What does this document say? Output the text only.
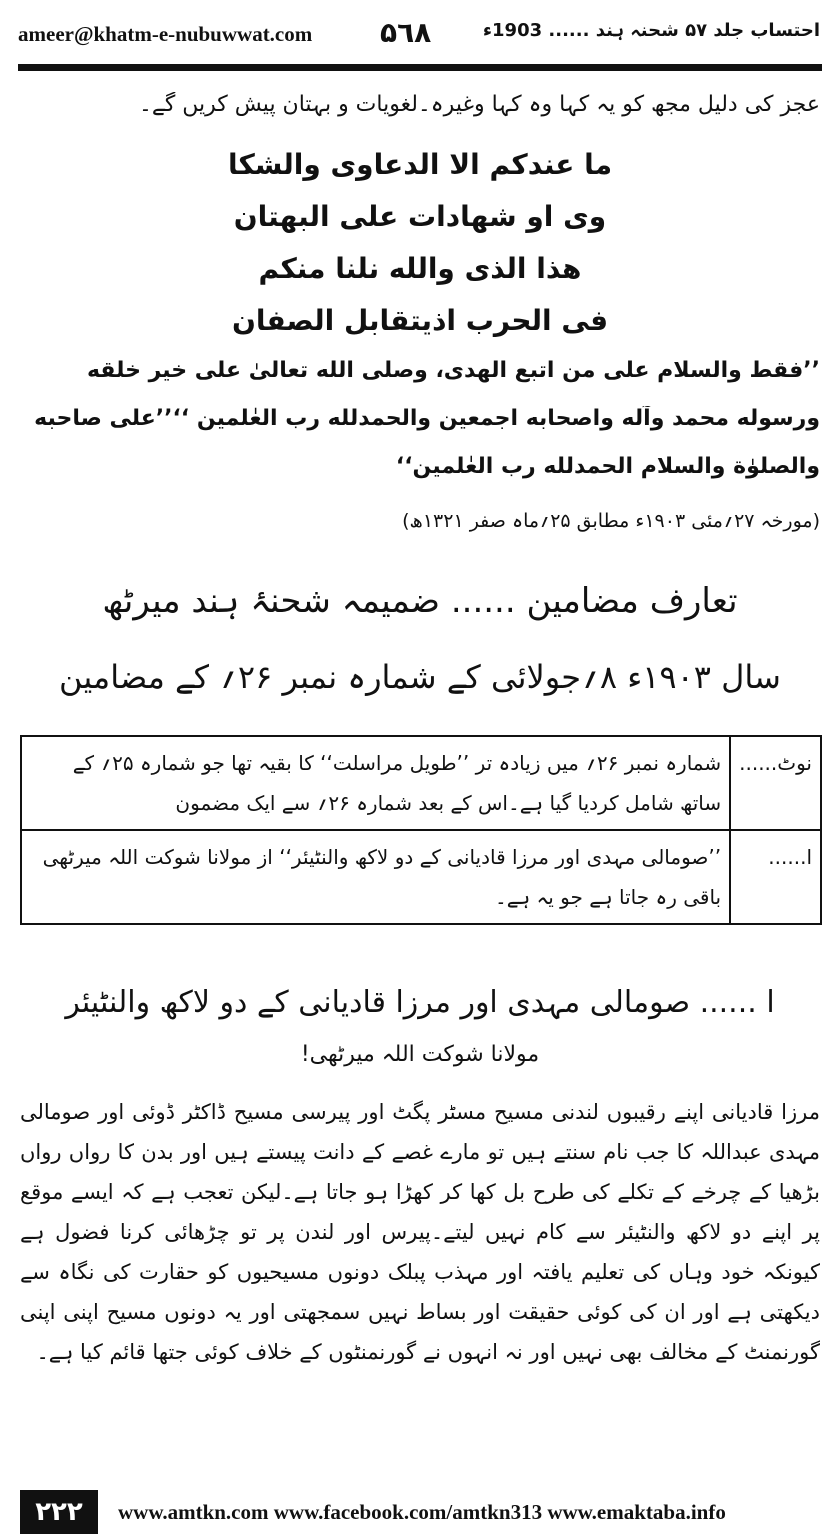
ameer@khatm-e-nubuwwat.com ۵٦۸	احتساب جلد ۵۷ شحنہ ہند ...... 1903ء
عجز کی دلیل مجھ کو یہ کہا وہ کہا وغیرہ۔لغویات و بہتان پیش کریں گے۔
ما عندکم الا الدعاوی والشکا
وی او شهادات علی البهتان
هذا الذی والله نلنا منکم
فی الحرب اذیتقابل الصفان
’’فقط والسلام علی من اتبع الهدی، وصلی الله تعالیٰ علی خیر خلقه
ورسوله محمد وآله واصحابه اجمعین والحمدلله رب العٰلمین ‘‘’’علی صاحبه
والصلوٰة والسلام الحمدلله رب العٰلمین‘‘
(مورخہ ۲۷؍مئی ۱۹۰۳ء مطابق ۲۵؍ماہ صفر ۱۳۲۱ھ)
تعارف مضامین ...... ضمیمہ شحنۂ ہند میرٹھ
سال ۱۹۰۳ء ۸؍جولائی کے شمارہ نمبر ۲۶؍ کے مضامین
نوٹ......	شمارہ نمبر ۲۶؍ میں زیادہ تر ’’طویل مراسلت‘‘ کا بقیہ تھا جو شمارہ ۲۵؍ کے ساتھ شامل کردیا گیا ہے۔اس کے بعد شمارہ ۲۶؍ سے ایک مضمون
ا......	’’صومالی مہدی اور مرزا قادیانی کے دو لاکھ والنٹیئر‘‘ از مولانا شوکت اللہ میرٹھی باقی رہ جاتا ہے جو یہ ہے۔
ا ...... صومالی مہدی اور مرزا قادیانی کے دو لاکھ والنٹیئر
مولانا شوکت اللہ میرٹھی!
مرزا قادیانی اپنے رقیبوں لندنی مسیح مسٹر پگٹ اور پیرسی مسیح ڈاکٹر ڈوئی اور صومالی مہدی عبداللہ کا جب نام سنتے ہیں تو مارے غصے کے دانت پیستے ہیں اور بدن کا رواں رواں بڑھیا کے چرخے کے تکلے کی طرح بل کھا کر کھڑا ہو جاتا ہے۔لیکن تعجب ہے کہ ایسے موقع پر اپنے دو لاکھ والنٹیئر سے کام نہیں لیتے۔پیرس اور لندن پر تو چڑھائی کرنا فضول ہے کیونکہ خود وہاں کی تعلیم یافتہ اور مہذب پبلک دونوں مسیحیوں کو حقارت کی نگاہ سے دیکھتی ہے اور ان کی کوئی حقیقت اور بساط نہیں سمجھتی اور یہ دونوں مسیح اپنی اپنی گورنمنٹ کے مخالف بھی نہیں اور نہ انہوں نے گورنمنٹوں کے خلاف کوئی جتھا قائم کیا ہے۔
۲۲۲	www.amtkn.com www.facebook.com/amtkn313 www.emaktaba.info
